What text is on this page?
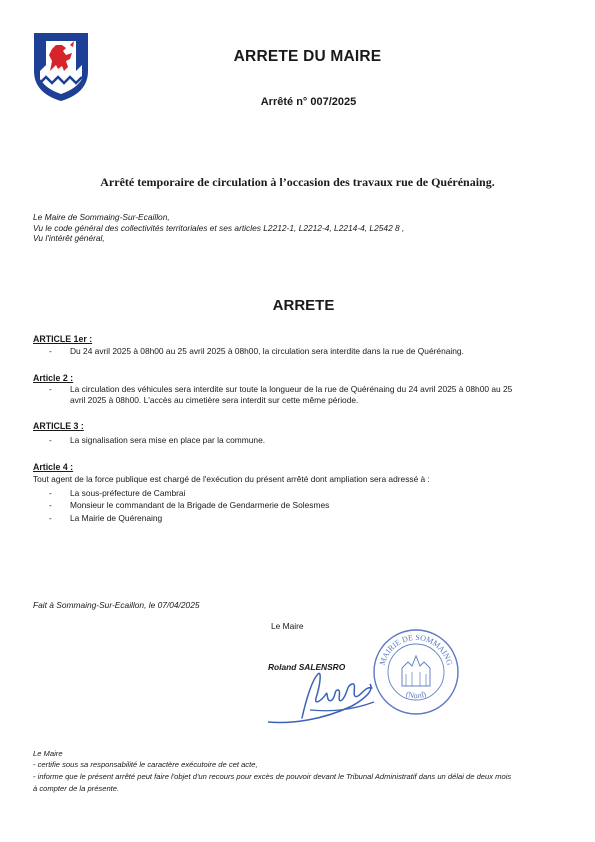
ARRETE DU MAIRE
Arrêté n° 007/2025
Arrêté temporaire de circulation à l’occasion des travaux rue de Quérénaing.
Le Maire de Sommaing-Sur-Ecaillon,
Vu le code général des collectivités territoriales et ses articles L2212-1, L2212-4, L2214-4, L2542 8 ,
Vu l'intérêt général,
ARRETE
ARTICLE 1er :
- Du 24 avril 2025 à 08h00 au 25 avril 2025 à 08h00, la circulation sera interdite dans la rue de Quérénaing.
Article 2 :
- La circulation des véhicules sera interdite sur toute la longueur de la rue de Quérénaing du 24 avril 2025 à 08h00 au 25
avril 2025 à 08h00. L'accès au cimetière sera interdit sur cette même période.
ARTICLE 3 :
- La signalisation sera mise en place par la commune.
Article 4 :
Tout agent de la force publique est chargé de l'exécution du présent arrêté dont ampliation sera adressé à :
- La sous-préfecture de Cambrai
- Monsieur le commandant de la Brigade de Gendarmerie de Solesmes
- La Mairie de Quérenaing
Fait à Sommaing-Sur-Ecaillon, le 07/04/2025
Le Maire
Roland SALENSRO
MAIRIE DE SOMMAING
(Nord)
Le Maire
- certifie sous sa responsabilité le caractère exécutoire de cet acte,
- informe que le présent arrêté peut faire l'objet d'un recours pour excès de pouvoir devant le Tribunal Administratif dans un délai de deux mois
à compter de la présente.
